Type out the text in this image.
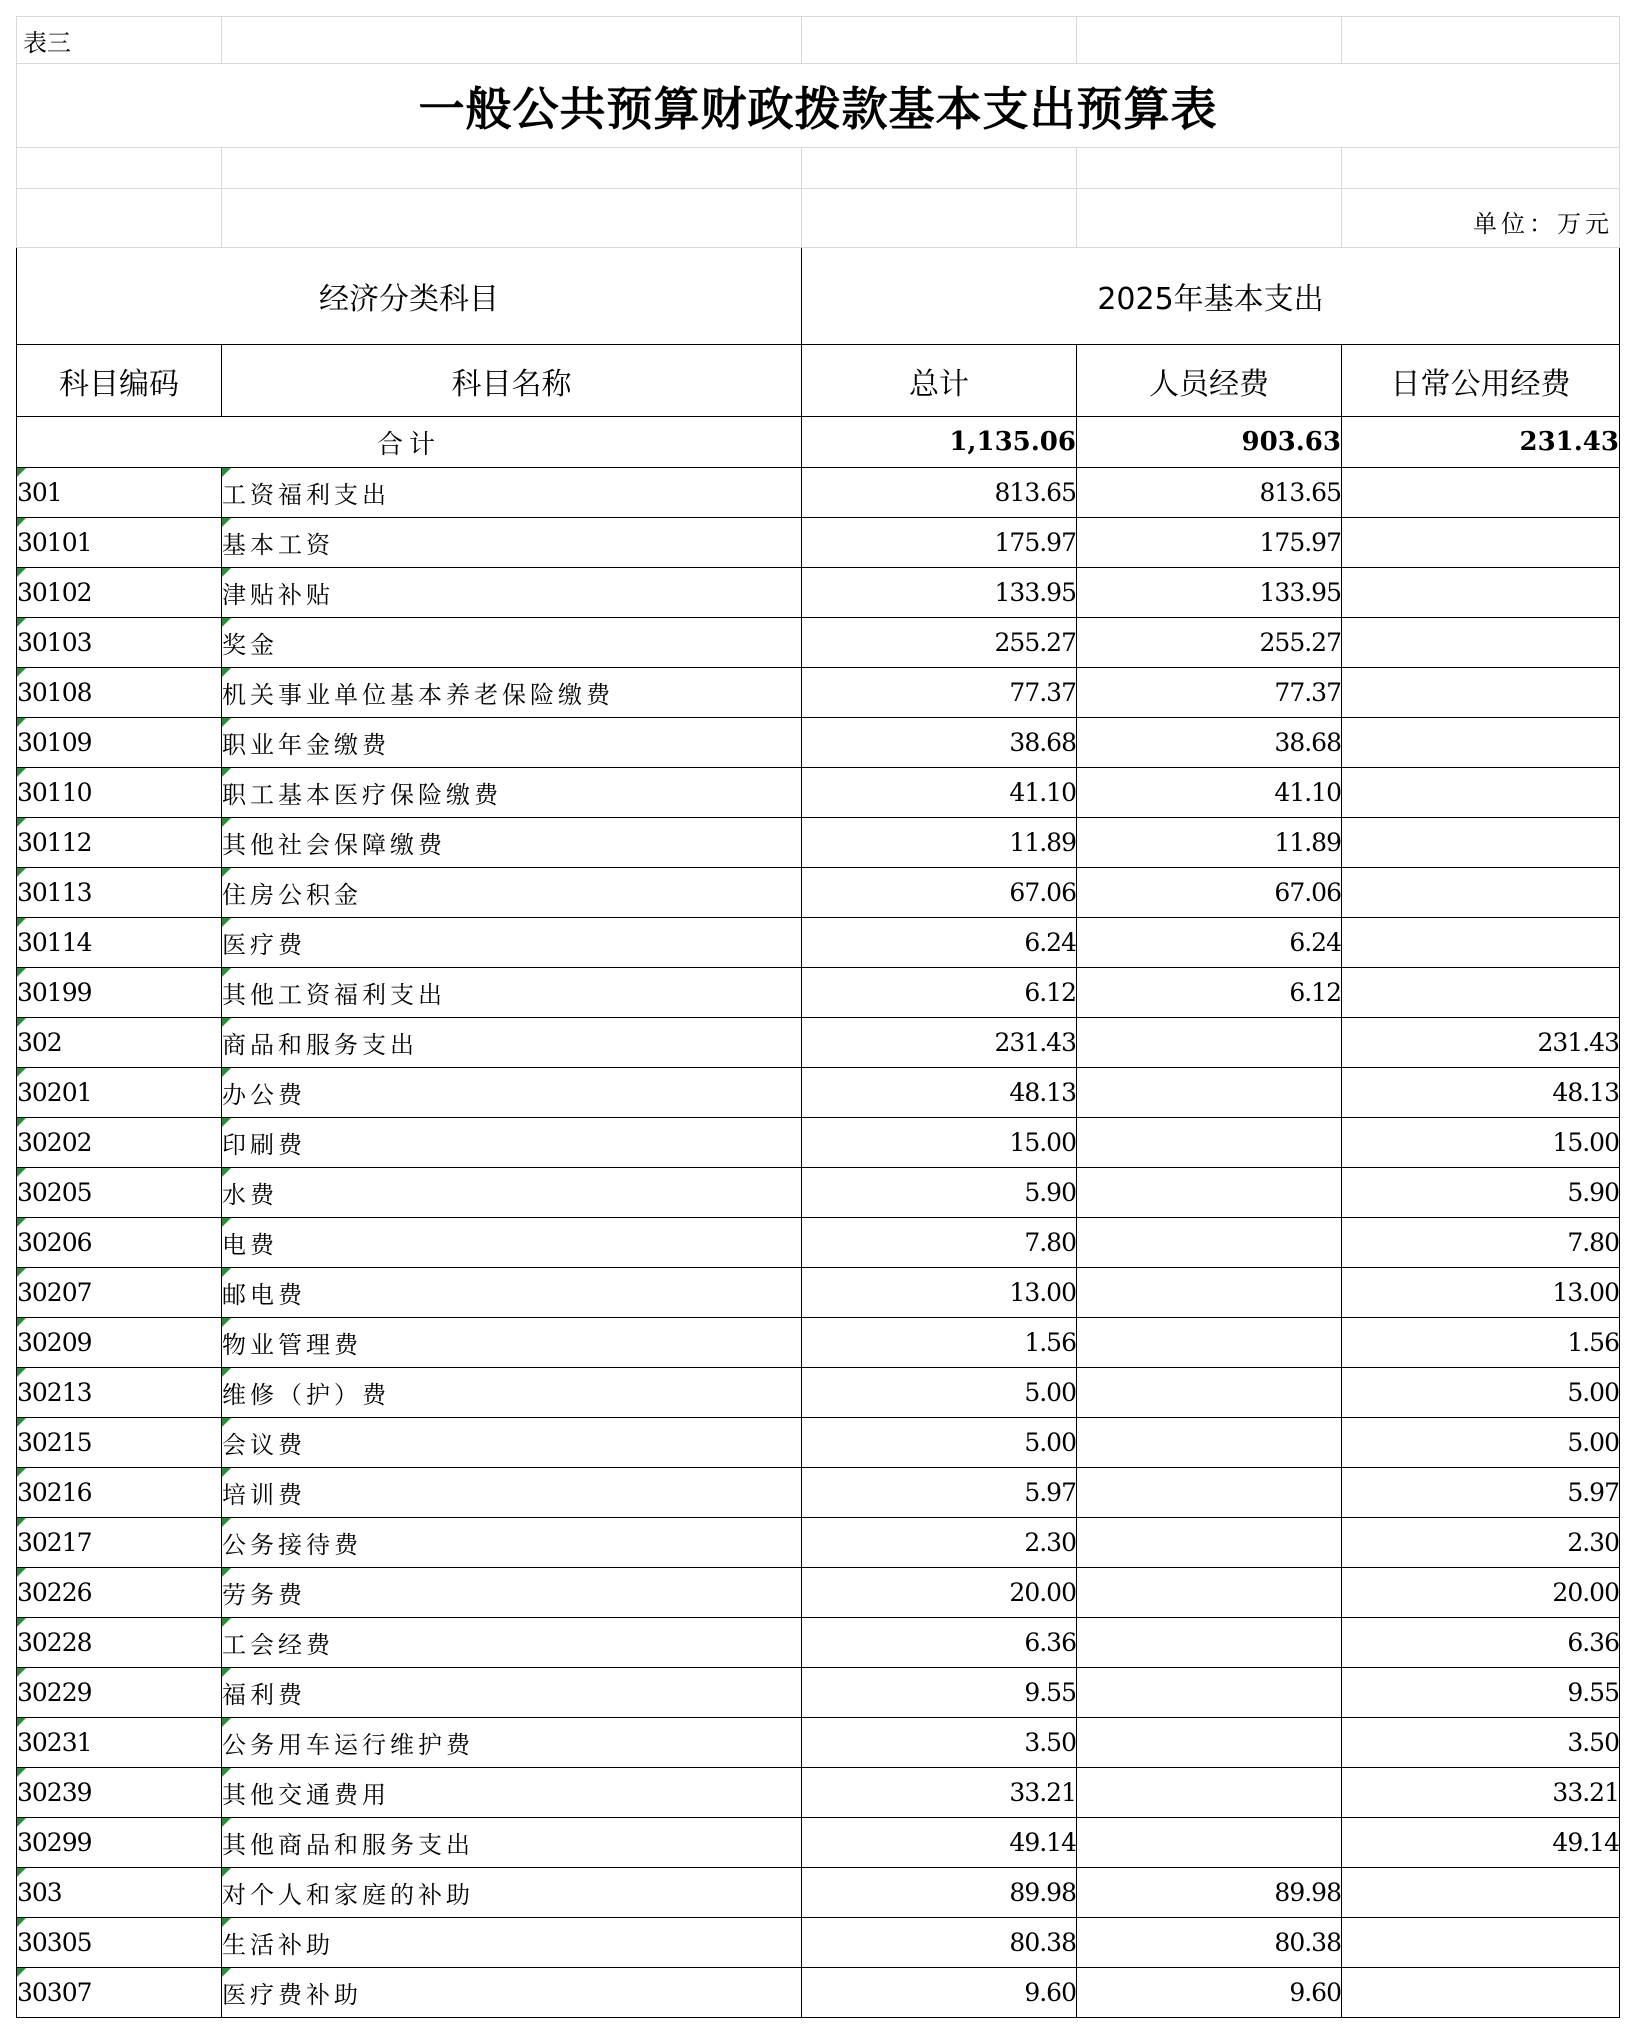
表三				
一般公共预算财政拨款基本支出预算表				

				单位：万元
经济分类科目		2025年基本支出		
科目编码	科目名称	总计	人员经费	日常公用经费
合计		1,135.06	903.63	231.43
301	工资福利支出	813.65	813.65	
30101	基本工资	175.97	175.97	
30102	津贴补贴	133.95	133.95	
30103	奖金	255.27	255.27	
30108	机关事业单位基本养老保险缴费	77.37	77.37	
30109	职业年金缴费	38.68	38.68	
30110	职工基本医疗保险缴费	41.10	41.10	
30112	其他社会保障缴费	11.89	11.89	
30113	住房公积金	67.06	67.06	
30114	医疗费	6.24	6.24	
30199	其他工资福利支出	6.12	6.12	
302	商品和服务支出	231.43		231.43
30201	办公费	48.13		48.13
30202	印刷费	15.00		15.00
30205	水费	5.90		5.90
30206	电费	7.80		7.80
30207	邮电费	13.00		13.00
30209	物业管理费	1.56		1.56
30213	维修（护）费	5.00		5.00
30215	会议费	5.00		5.00
30216	培训费	5.97		5.97
30217	公务接待费	2.30		2.30
30226	劳务费	20.00		20.00
30228	工会经费	6.36		6.36
30229	福利费	9.55		9.55
30231	公务用车运行维护费	3.50		3.50
30239	其他交通费用	33.21		33.21
30299	其他商品和服务支出	49.14		49.14
303	对个人和家庭的补助	89.98	89.98	
30305	生活补助	80.38	80.38	
30307	医疗费补助	9.60	9.60	
